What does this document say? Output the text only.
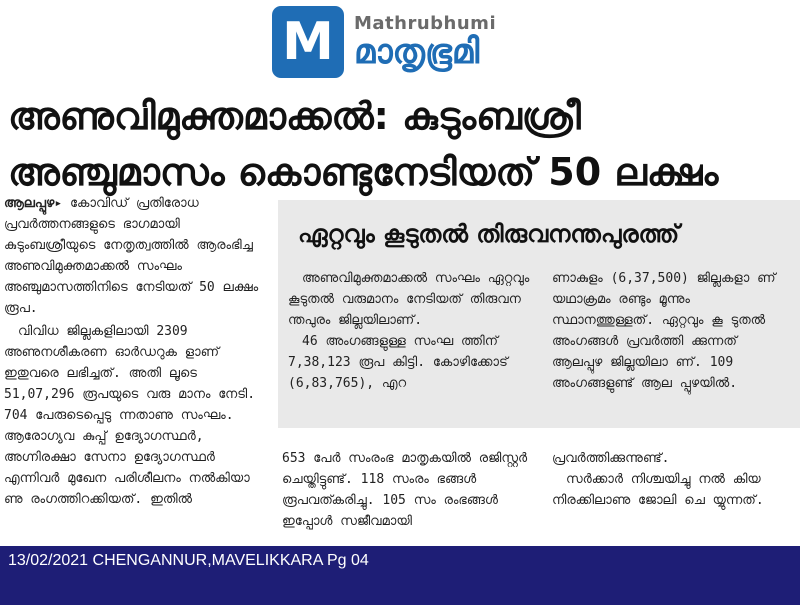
M Mathrubhumi
മാതൃഭൂമി
അണുവിമുക്തമാക്കൽ: കുടുംബശ്രീ
അഞ്ചുമാസം കൊണ്ടുനേടിയത് 50 ലക്ഷം

ആലപ്പുഴ▸ കോവിഡ് പ്രതിരോധ പ്രവർത്തനങ്ങളുടെ ഭാഗമായി കുടുംബശ്രീയുടെ നേതൃത്വത്തിൽ ആരംഭിച്ച അണുവിമുക്തമാക്കൽ സംഘം അഞ്ചുമാസത്തിനിടെ നേടിയത് 50 ലക്ഷം രൂപ.

വിവിധ ജില്ലകളിലായി 2309 അണുനശീകരണ ഓർഡറുക ളാണ് ഇതുവരെ ലഭിച്ചത്. അതി ലൂടെ 51,07,296 രൂപയുടെ വരു മാനം നേടി. 704 പേരുടെപ്പെടു ന്നതാണു സംഘം. ആരോഗ്യവ കുപ്പ് ഉദ്യോഗസ്ഥർ, അഗ്നിരക്ഷാ സേനാ ഉദ്യോഗസ്ഥർ എന്നിവർ മുഖേന പരിശീലനം നൽകിയാ ണു രംഗത്തിറക്കിയത്. ഇതിൽ

ഏറ്റവും കൂടുതൽ തിരുവനന്തപുരത്ത്

അണുവിമുക്തമാക്കൽ സംഘം ഏറ്റവും കൂടുതൽ വരുമാനം നേടിയത് തിരുവന ന്തപുരം ജില്ലയിലാണ്.

46 അംഗങ്ങളുള്ള സംഘ ത്തിന് 7,38,123 രൂപ കിട്ടി. കോഴിക്കോട് (6,83,765), എറ

ണാകുളം (6,37,500) ജില്ലകളാ ണ് യഥാക്രമം രണ്ടും മൂന്നും സ്ഥാനത്തുള്ളത്. ഏറ്റവും കൂ ടുതൽ അംഗങ്ങൾ പ്രവർത്തി ക്കുന്നത് ആലപ്പുഴ ജില്ലയിലാ ണ്. 109 അംഗങ്ങളുണ്ട് ആല പ്പുഴയിൽ.

653 പേർ സംരംഭ മാതൃകയിൽ രജിസ്റ്റർ ചെയ്തിട്ടുണ്ട്. 118 സംരം ഭങ്ങൾ രൂപവത്കരിച്ചു. 105 സം രംഭങ്ങൾ ഇപ്പോൾ സജീവമായി

പ്രവർത്തിക്കുന്നുണ്ട്.

സർക്കാർ നിശ്ചയിച്ചു നൽ കിയ നിരക്കിലാണു ജോലി ചെ യ്യുന്നത്.

13/02/2021 CHENGANNUR,MAVELIKKARA Pg 04
